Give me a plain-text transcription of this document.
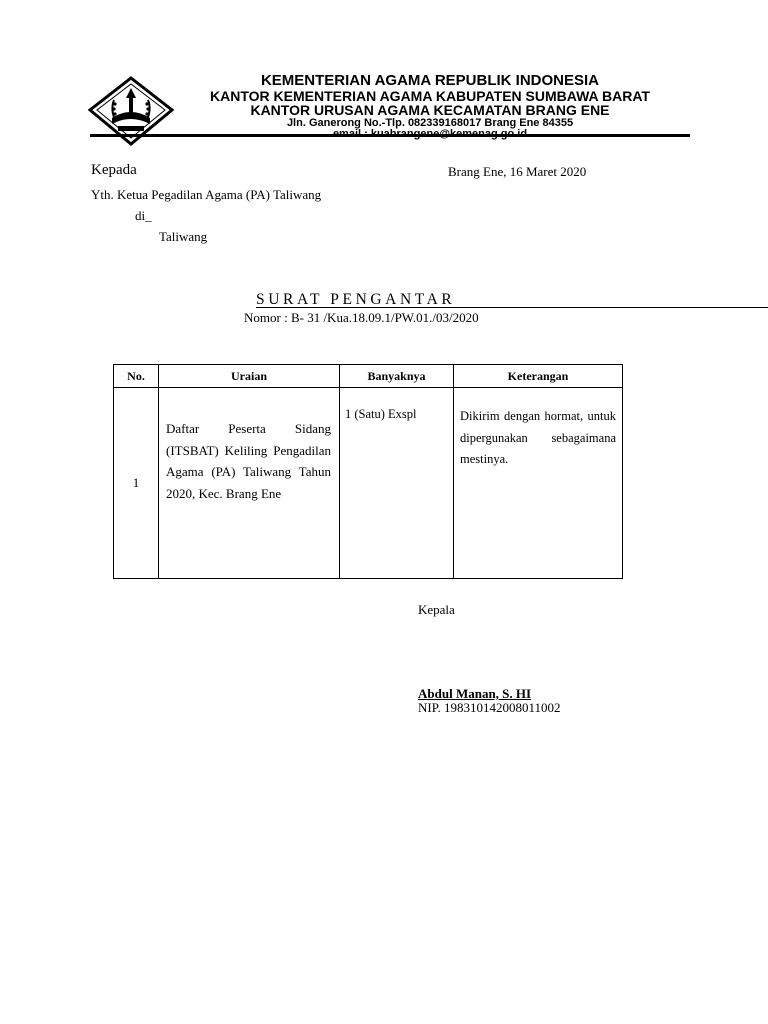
KEMENTERIAN AGAMA REPUBLIK INDONESIA
KANTOR KEMENTERIAN AGAMA KABUPATEN SUMBAWA BARAT
KANTOR URUSAN AGAMA KECAMATAN BRANG ENE
Jln. Ganerong No.-Tlp. 082339168017 Brang Ene 84355
email : kuabrangene@kemenag.go.id
Kepada	Brang Ene, 16 Maret 2020
Yth. Ketua Pegadilan Agama (PA) Taliwang
di_
Taliwang
SURAT PENGANTAR
Nomor : B- 31 /Kua.18.09.1/PW.01./03/2020
No.	Uraian	Banyaknya	Keterangan
1	Daftar Peserta Sidang (ITSBAT) Keliling Pengadilan Agama (PA) Taliwang Tahun 2020, Kec. Brang Ene	1 (Satu) Exspl	Dikirim dengan hormat, untuk dipergunakan sebagaimana mestinya.
Kepala
Abdul Manan, S. HI
NIP. 198310142008011002
